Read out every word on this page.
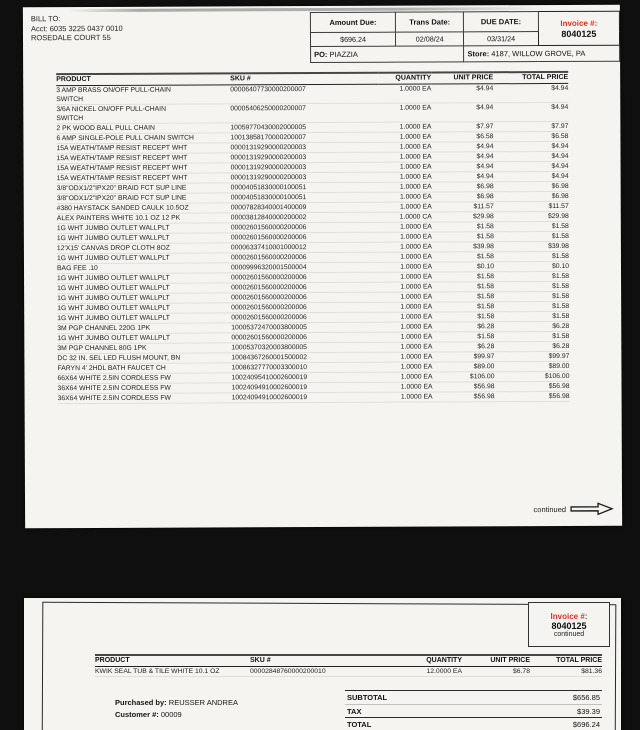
BILL TO:
Acct: 6035 3225 0437 0010
ROSEDALE COURT 55
Amount Due:	Trans Date:	DUE DATE:	Invoice #:
8040125

$696.24	02/08/24	03/31/24	
PO: PIAZZIA		Store: 4187, WILLOW GROVE, PA	
PRODUCT	SKU #	QUANTITY	UNIT PRICE	TOTAL PRICE

3 AMP BRASS ON/OFF PULL-CHAIN SWITCH	00006407730000200007	1.0000 EA	$4.94	$4.94

3/6A NICKEL ON/OFF PULL-CHAIN SWITCH	00005406250000200007	1.0000 EA	$4.94	$4.94

2 PK WOOD BALL PULL CHAIN	10059770430002000005	1.0000 EA	$7.97	$7.97

6 AMP SINGLE-POLE PULL CHAIN SWITCH	10013858170000200007	1.0000 EA	$6.58	$6.58

15A WEATH/TAMP RESIST RECEPT WHT	00001319290000200003	1.0000 EA	$4.94	$4.94

15A WEATH/TAMP RESIST RECEPT WHT	00001319290000200003	1.0000 EA	$4.94	$4.94

15A WEATH/TAMP RESIST RECEPT WHT	00001319290000200003	1.0000 EA	$4.94	$4.94

15A WEATH/TAMP RESIST RECEPT WHT	00001319290000200003	1.0000 EA	$4.94	$4.94

3/8"ODX1/2"IPX20" BRAID FCT SUP LINE	00004051830000100051	1.0000 EA	$6.98	$6.98

3/8"ODX1/2"IPX20" BRAID FCT SUP LINE	00004051830000100051	1.0000 EA	$6.98	$6.98

#380 HAYSTACK SANDED CAULK 10.5OZ	00007828340001400009	1.0000 EA	$11.57	$11.57

ALEX PAINTERS WHITE 10.1 OZ 12 PK	00003812840000200002	1.0000 CA	$29.98	$29.98

1G WHT JUMBO OUTLET WALLPLT	00002601560000200006	1.0000 EA	$1.58	$1.58

1G WHT JUMBO OUTLET WALLPLT	00002601560000200006	1.0000 EA	$1.58	$1.58

12'X15' CANVAS DROP CLOTH 8OZ	00006337410001000012	1.0000 EA	$39.98	$39.98

1G WHT JUMBO OUTLET WALLPLT	00002601560000200006	1.0000 EA	$1.58	$1.58

BAG FEE .10	00009996320001500004	1.0000 EA	$0.10	$0.10

1G WHT JUMBO OUTLET WALLPLT	00002601560000200006	1.0000 EA	$1.58	$1.58

1G WHT JUMBO OUTLET WALLPLT	00002601560000200006	1.0000 EA	$1.58	$1.58

1G WHT JUMBO OUTLET WALLPLT	00002601560000200006	1.0000 EA	$1.58	$1.58

1G WHT JUMBO OUTLET WALLPLT	00002601560000200006	1.0000 EA	$1.58	$1.58

1G WHT JUMBO OUTLET WALLPLT	00002601560000200006	1.0000 EA	$1.58	$1.58

3M PGP CHANNEL 220G 1PK	10005372470003800005	1.0000 EA	$6.28	$6.28

1G WHT JUMBO OUTLET WALLPLT	00002601560000200006	1.0000 EA	$1.58	$1.58

3M PGP CHANNEL 80G 1PK	10005370320003800005	1.0000 EA	$6.28	$6.28

DC 32 IN. SEL LED FLUSH MOUNT, BN	10084367260001500002	1.0000 EA	$99.97	$99.97

FARYN 4' 2HDL BATH FAUCET CH	10086327770003300010	1.0000 EA	$89.00	$89.00

66X64 WHITE 2.5IN CORDLESS FW	10024095410002600019	1.0000 EA	$106.00	$106.00

36X64 WHITE 2.5IN CORDLESS FW	10024094910002600019	1.0000 EA	$56.98	$56.98

36X64 WHITE 2.5IN CORDLESS FW	10024094910002600019	1.0000 EA	$56.98	$56.98
continued
Invoice #:
8040125
continued
PRODUCT	SKU #	QUANTITY	UNIT PRICE	TOTAL PRICE

KWIK SEAL TUB & TILE WHITE 10.1 OZ	00002848760000200010	12.0000 EA	$6.78	$81.36
Purchased by: REUSSER ANDREA
Customer #: 00009
SUBTOTAL	$656.85
TAX	$39.39
TOTAL	$696.24
